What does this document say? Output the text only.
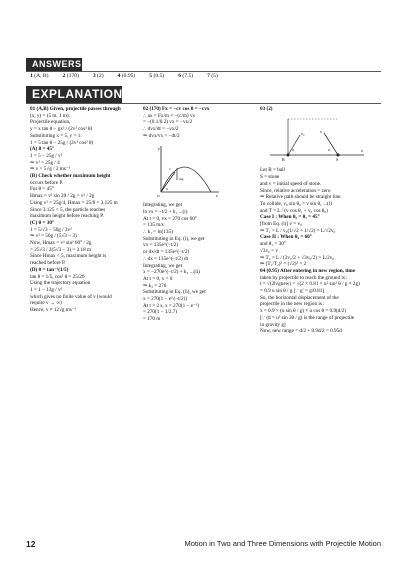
ANSWERS
1 (A, B)	2 (170)	3 (2)	4 (0.95)	5 (0.5)	6 (7.5)	7 (5)
EXPLANATIONS
01 (A,B) Given, projectile passes through
(x, y) = (5 m, 1 m).
Projectile equation,
y = x tan θ − gx² / (2v² cos² θ)
Substituting x = 5, y = 1:
1 = 5 tan θ − 25g / (2v² cos² θ)
(A) θ = 45°
1 = 5 − 25g / v²
⇒ v² = 25g / 4
⇒ v = 5√g / 2 ms⁻¹
(B) Check whether maximum height
occurs before P.
For θ = 45°
Hmax = v² sin 20 / 2g = v² / 2g
Using v² = 25g/4, Hmax = 25/8 = 3.125 m
Since 3.125 < 5, the particle reaches
maximum height before reaching P.
(C) θ = 30°
1 = 5/√3 − 50g / 3v²
⇒ v² = 50g / (5√3 − 3)
Now, Hmax = v² sin² 60° / 2g
= 25√3 / 2(5√3 − 3) = 3.18 m
Since Hmax < 5, maximum height is
reached before P.
(D) θ = tan⁻¹(1/5)
tan θ = 1/5, cos² θ = 25/26
Using the trajectory equation
1 = 1 − 13g / v²
which gives no finite value of v (would
require v → ∞)
Hence, v ≠ 12√g ms⁻¹
02 (170) Fx = −cv cos θ = −cvx
∴ ax = Fx/m = −(c/m) vx
= −(0.1/0.2) vx = −vx/2
∴ dvx/dt = −vx/2
⇒ dvx/vx = −dt/2
y
x
mg
v
θ
O
Integrating, we get
ln vx = −t/2 + k₁ ...(i)
At t = 0, vx = 270 cos 60°
= 135 m/s
∴ k₁ = ln(135)
Substituting in Eq. (i), we get
vx = 135e^(−t/2)
or dx/dt = 135e^(−t/2)
∴ dx = 135e^(−t/2) dt
Integrating, we get
x = −270e^(−t/2) + k₂ ...(ii)
At t = 0, x = 0
⇒ k₂ = 270
Substituting in Eq. (ii), we get
x = 270(1 − e^(−t/2))
At t = 2 s, x = 270(1 − e⁻¹)
= 270(1 − 1/2.7)
= 170 m
03 (2)
B	S
v₀	v
θ₀	θ₁	x
Let B = ball
S = stone
and v = initial speed of stone.
Since, relative acceleration = zero
⇒ Relative path should be straight line.
To collide, v₀ sin θ₀ = v sin θ₁ ...(i)
and T = L / (v cos θ₁ + v₀ cos θ₀)
Case I : When θ₀ = θ₁ = 45°
[from Eq. (i)] v = v₀
⇒ T₁ = L / v₀(1/√2 + 1/√2) = L/√2v₀
Case II : When θ₀ = 60°
and θ₁ = 30°
√3v₀ = v
⇒ T₂ = L / (3v₀/2 + √3v₀/2) = L/2v₀
⇒ (T₁/T₂)² = (√2)² = 2
04 (0.95) After entering in new region, time
taken by projectile to reach the ground is :
t = √(2h/gnew) = √(2 × 0.81 × u² sin² θ / g × 2g)
= 0.9 u sin θ / g [∵ g′ = g/0.81]
So, the horizontal displacement of the
projectile in the new region is :
x = 0.9 × (u sin θ / g) × u cos θ = 0.9(d/2)
[∵ (d = u² sin 2θ / g) is the range of projectile
in gravity g]
Now, new range = d/2 + 0.9d/2 = 0.95d
12	Motion in Two and Three Dimensions with Projectile Motion
